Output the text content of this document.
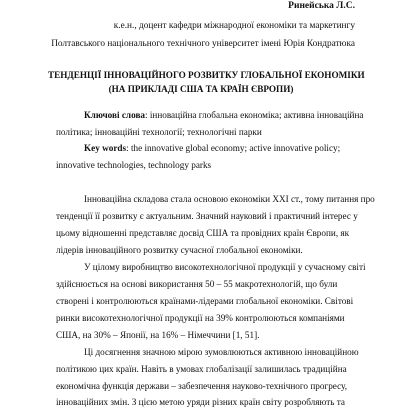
Ринейська Л.С.
к.е.н., доцент кафедри міжнародної економіки та маркетингу
Полтавського національного технічного університет імені Юрія Кондратюка
ТЕНДЕНЦІЇ ІННОВАЦІЙНОГО РОЗВИТКУ ГЛОБАЛЬНОЇ ЕКОНОМІКИ
(НА ПРИКЛАДІ США ТА КРАЇН ЄВРОПИ)
Ключові слова: інноваційна глобальна економіка; активна інноваційна
політика; інноваційні технології; технологічні парки
Key words: the innovative global economy; active innovative policy;
innovative technologies, technology parks
Інноваційна складова стала основою економіки ХХІ ст., тому питання про
тенденції її розвитку є актуальним. Значний науковий і практичний інтерес у
цьому відношенні представляє досвід США та провідних країн Європи, як
лідерів інноваційного розвитку сучасної глобальної економіки.
У цілому виробництво високотехнологічної продукції у сучасному світі
здійснюється на основі використання 50 – 55 макротехнологій, що були
створені і контролюються країнами-лідерами глобальної економіки. Світові
ринки високотехнологічної продукції на 39% контролюються компаніями
США, на 30% – Японії, на 16% – Німеччини [1, 51].
Ці досягнення значною мірою зумовлюються активною інноваційною
політикою цих країн. Навіть в умовах глобалізації залишилась традиційна
економічна функція держави – забезпечення науково-технічного прогресу,
інноваційних змін. З цією метою уряди різних країн світу розробляють та
